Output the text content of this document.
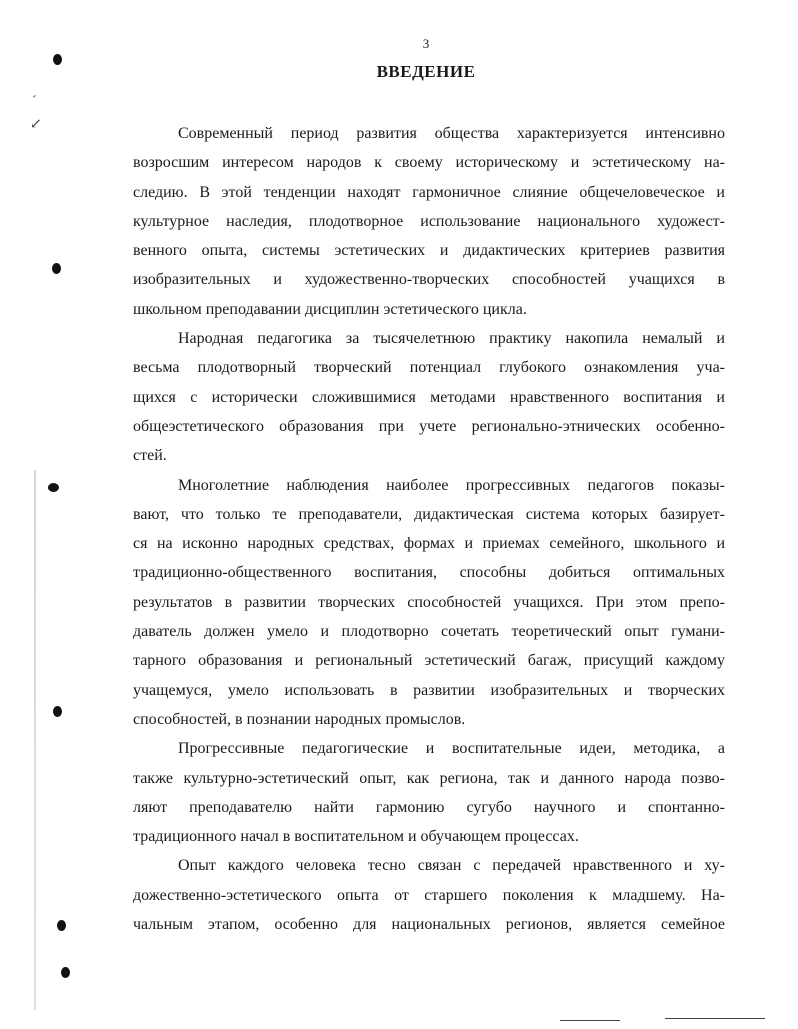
ˊ
↙
3
ВВЕДЕНИЕ
Современный период развития общества характеризуется интенсивно
возросшим интересом народов к своему историческому и эстетическому на-
следию. В этой тенденции находят гармоничное слияние общечеловеческое и
культурное наследия, плодотворное использование национального художест-
венного опыта, системы эстетических и дидактических критериев развития
изобразительных и художественно-творческих способностей учащихся в
школьном преподавании дисциплин эстетического цикла.
Народная педагогика за тысячелетнюю практику накопила немалый и
весьма плодотворный творческий потенциал глубокого ознакомления уча-
щихся с исторически сложившимися методами нравственного воспитания и
общеэстетического образования при учете регионально-этнических особенно-
стей.
Многолетние наблюдения наиболее прогрессивных педагогов показы-
вают, что только те преподаватели, дидактическая система которых базирует-
ся на исконно народных средствах, формах и приемах семейного, школьного и
традиционно-общественного воспитания, способны добиться оптимальных
результатов в развитии творческих способностей учащихся. При этом препо-
даватель должен умело и плодотворно сочетать теоретический опыт гумани-
тарного образования и региональный эстетический багаж, присущий каждому
учащемуся, умело использовать в развитии изобразительных и творческих
способностей, в познании народных промыслов.
Прогрессивные педагогические и воспитательные идеи, методика, а
также культурно-эстетический опыт, как региона, так и данного народа позво-
ляют преподавателю найти гармонию сугубо научного и спонтанно-
традиционного начал в воспитательном и обучающем процессах.
Опыт каждого человека тесно связан с передачей нравственного и ху-
дожественно-эстетического опыта от старшего поколения к младшему. На-
чальным этапом, особенно для национальных регионов, является семейное
